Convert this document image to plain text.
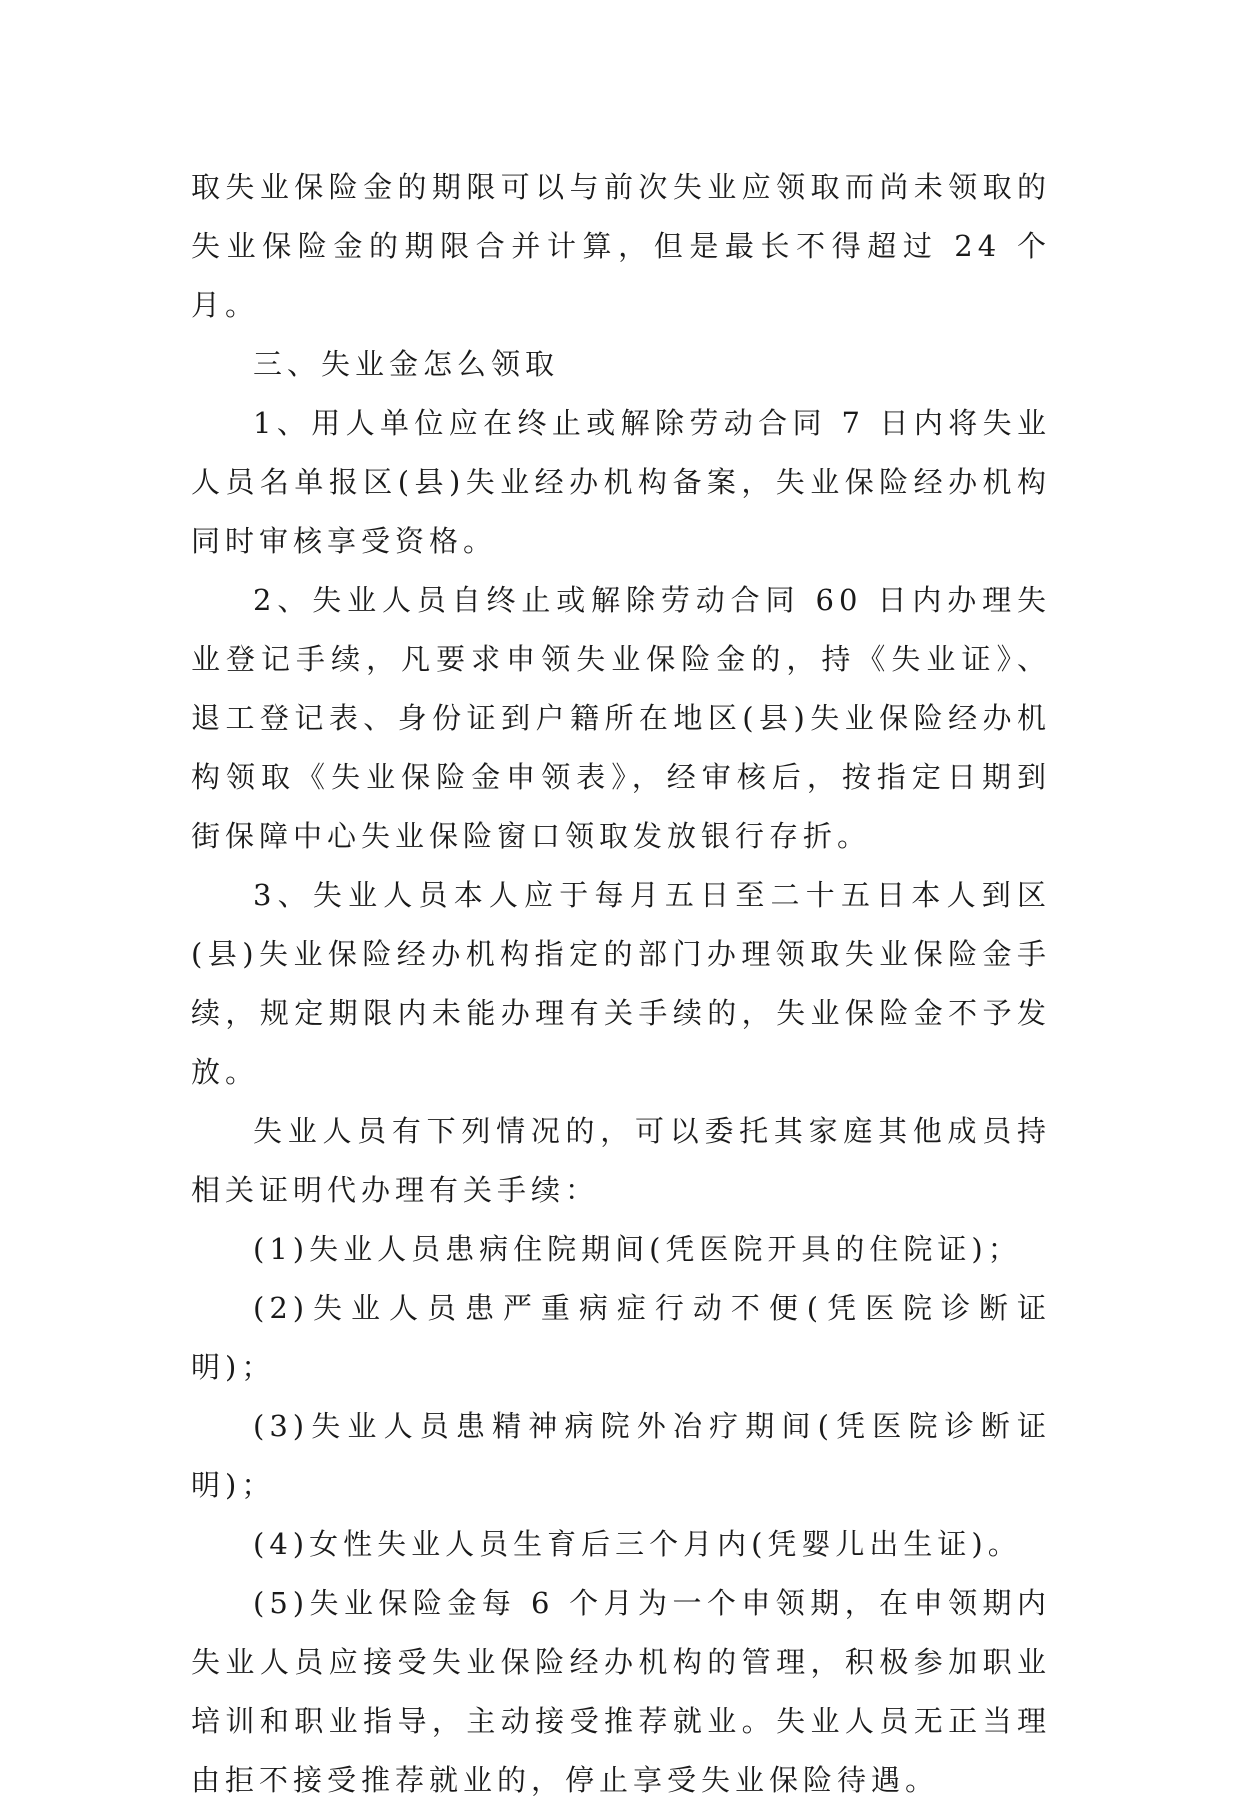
取失业保险金的期限可以与前次失业应领取而尚未领取的失业保险金的期限合并计算，但是最长不得超过 24 个月。

三、失业金怎么领取

1、用人单位应在终止或解除劳动合同 7 日内将失业人员名单报区(县)失业经办机构备案，失业保险经办机构同时审核享受资格。

2、失业人员自终止或解除劳动合同 60 日内办理失业登记手续，凡要求申领失业保险金的，持《失业证》、退工登记表、身份证到户籍所在地区(县)失业保险经办机构领取《失业保险金申领表》，经审核后，按指定日期到街保障中心失业保险窗口领取发放银行存折。

3、失业人员本人应于每月五日至二十五日本人到区(县)失业保险经办机构指定的部门办理领取失业保险金手续，规定期限内未能办理有关手续的，失业保险金不予发放。

失业人员有下列情况的，可以委托其家庭其他成员持相关证明代办理有关手续：

(1)失业人员患病住院期间(凭医院开具的住院证)；

(2)失业人员患严重病症行动不便(凭医院诊断证明)；

(3)失业人员患精神病院外冶疗期间(凭医院诊断证明)；

(4)女性失业人员生育后三个月内(凭婴儿出生证)。

(5)失业保险金每 6 个月为一个申领期，在申领期内失业人员应接受失业保险经办机构的管理，积极参加职业培训和职业指导，主动接受推荐就业。失业人员无正当理由拒不接受推荐就业的，停止享受失业保险待遇。
